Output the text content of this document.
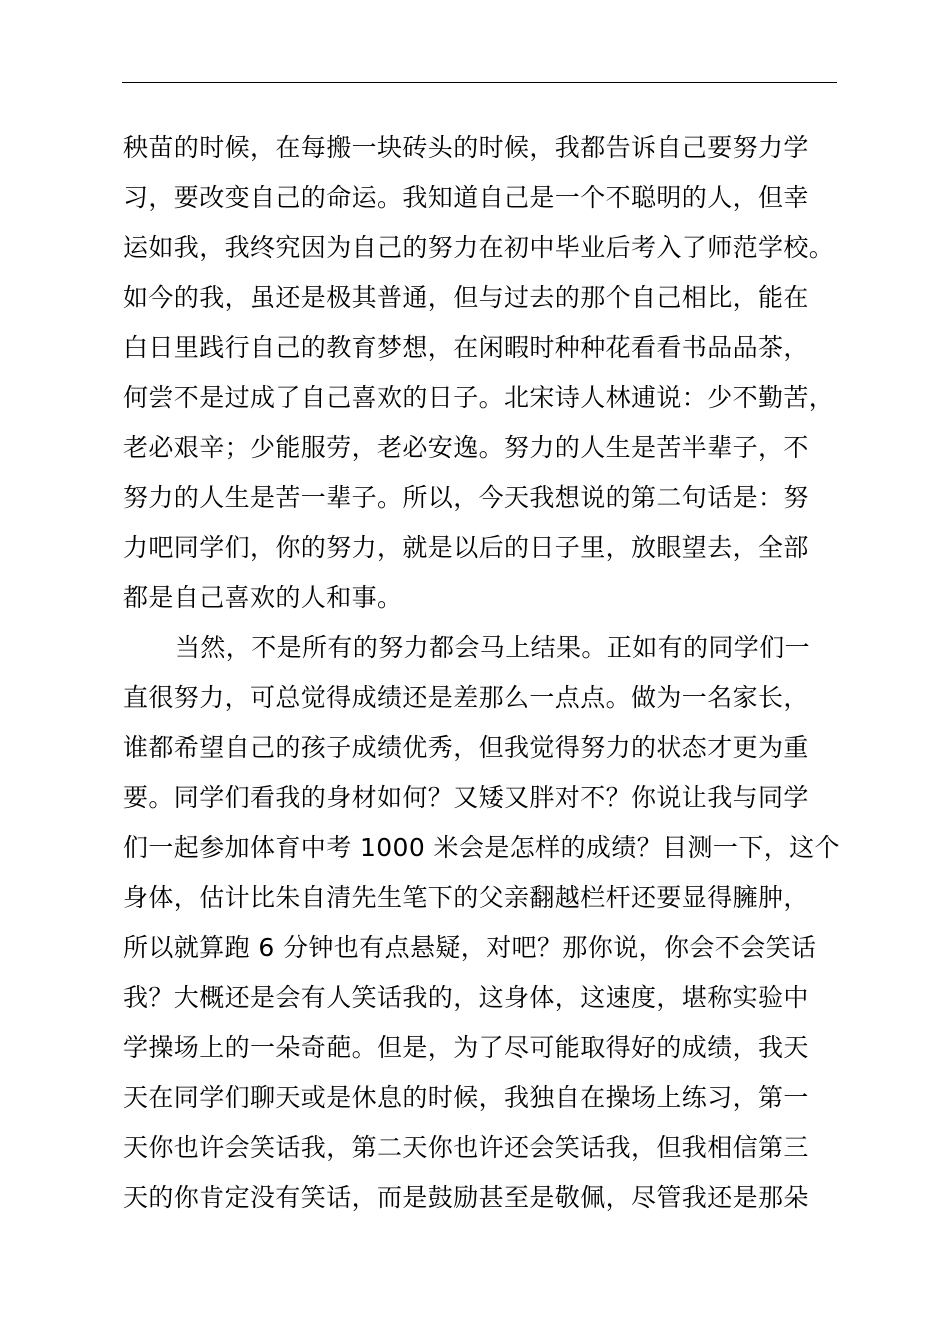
秧苗的时候，在每搬一块砖头的时候，我都告诉自己要努力学
习，要改变自己的命运。我知道自己是一个不聪明的人，但幸
运如我，我终究因为自己的努力在初中毕业后考入了师范学校。
如今的我，虽还是极其普通，但与过去的那个自己相比，能在
白日里践行自己的教育梦想，在闲暇时种种花看看书品品茶，
何尝不是过成了自己喜欢的日子。北宋诗人林逋说：少不勤苦，
老必艰辛；少能服劳，老必安逸。努力的人生是苦半辈子，不
努力的人生是苦一辈子。所以，今天我想说的第二句话是：努
力吧同学们，你的努力，就是以后的日子里，放眼望去，全部
都是自己喜欢的人和事。
当然，不是所有的努力都会马上结果。正如有的同学们一
直很努力，可总觉得成绩还是差那么一点点。做为一名家长，
谁都希望自己的孩子成绩优秀，但我觉得努力的状态才更为重
要。同学们看我的身材如何？又矮又胖对不？你说让我与同学
们一起参加体育中考 1000 米会是怎样的成绩？目测一下，这个
身体，估计比朱自清先生笔下的父亲翻越栏杆还要显得臃肿，
所以就算跑 6 分钟也有点悬疑，对吧？那你说，你会不会笑话
我？大概还是会有人笑话我的，这身体，这速度，堪称实验中
学操场上的一朵奇葩。但是，为了尽可能取得好的成绩，我天
天在同学们聊天或是休息的时候，我独自在操场上练习，第一
天你也许会笑话我，第二天你也许还会笑话我，但我相信第三
天的你肯定没有笑话，而是鼓励甚至是敬佩，尽管我还是那朵
